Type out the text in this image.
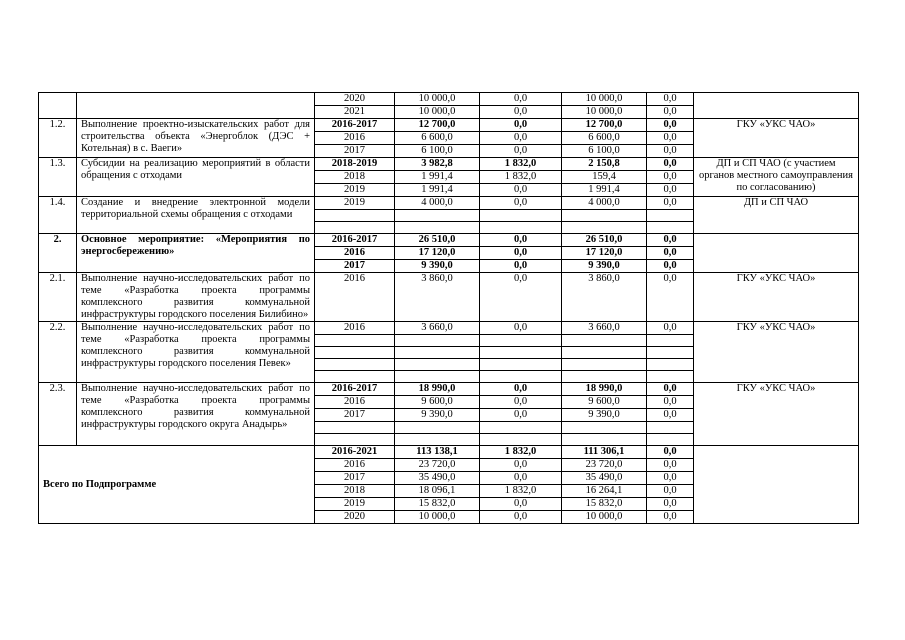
		2020	10 000,0	0,0	10 000,0	0,0	
		2021	10 000,0	0,0	10 000,0	0,0	
1.2.	Выполнение проектно-изыскательских работ для строительства объекта «Энергоблок (ДЭС + Котельная) в с. Ваеги»	2016-2017	12 700,0	0,0	12 700,0	0,0	ГКУ «УКС ЧАО»
		2016	6 600,0	0,0	6 600,0	0,0	
		2017	6 100,0	0,0	6 100,0	0,0	
1.3.	Субсидии на реализацию мероприятий в области обращения с отходами	2018-2019	3 982,8	1 832,0	2 150,8	0,0	ДП и СП ЧАО (с участием органов местного самоуправления по согласованию)
		2018	1 991,4	1 832,0	159,4	0,0	
		2019	1 991,4	0,0	1 991,4	0,0	
1.4.	Создание и внедрение электронной модели территориальной схемы обращения с отходами	2019	4 000,0	0,0	4 000,0	0,0	ДП и СП ЧАО

2.	Основное мероприятие: «Мероприятия по энергосбережению»	2016-2017	26 510,0	0,0	26 510,0	0,0	
		2016	17 120,0	0,0	17 120,0	0,0	
		2017	9 390,0	0,0	9 390,0	0,0	
2.1.	Выполнение научно-исследовательских работ по теме «Разработка проекта программы комплексного развития коммунальной инфраструктуры городского поселения Билибино»	2016	3 860,0	0,0	3 860,0	0,0	ГКУ «УКС ЧАО»
2.2.	Выполнение научно-исследовательских работ по теме «Разработка проекта программы комплексного развития коммунальной инфраструктуры городского поселения Певек»	2016	3 660,0	0,0	3 660,0	0,0	ГКУ «УКС ЧАО»

2.3.	Выполнение научно-исследовательских работ по теме «Разработка проекта программы комплексного развития коммунальной инфраструктуры городского округа Анадырь»	2016-2017	18 990,0	0,0	18 990,0	0,0	ГКУ «УКС ЧАО»
		2016	9 600,0	0,0	9 600,0	0,0	
		2017	9 390,0	0,0	9 390,0	0,0	

Всего по Подпрограмме		2016-2021	113 138,1	1 832,0	111 306,1	0,0	
		2016	23 720,0	0,0	23 720,0	0,0	
		2017	35 490,0	0,0	35 490,0	0,0	
		2018	18 096,1	1 832,0	16 264,1	0,0	
		2019	15 832,0	0,0	15 832,0	0,0	
		2020	10 000,0	0,0	10 000,0	0,0	
